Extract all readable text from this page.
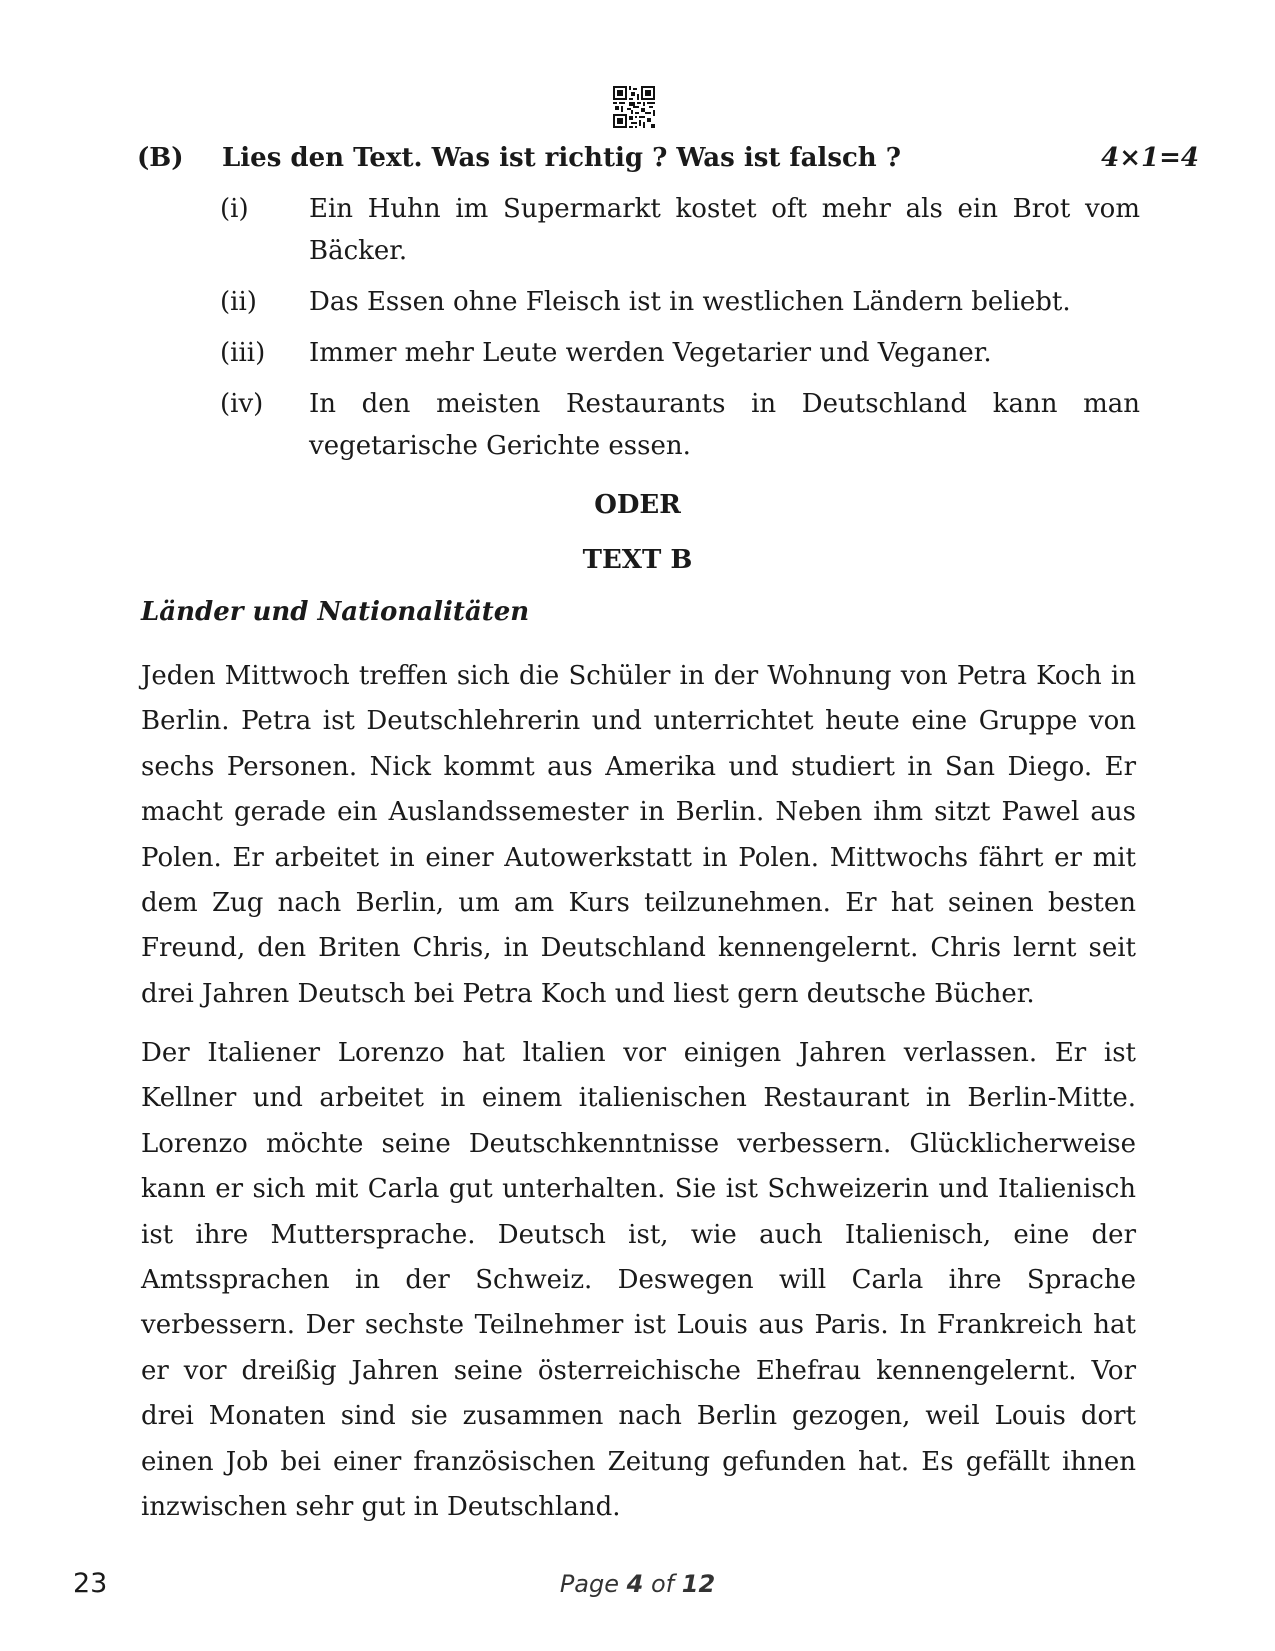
(B) Lies den Text. Was ist richtig ? Was ist falsch ?	4×1=4
(i)	Ein Huhn im Supermarkt kostet oft mehr als ein Brot vom Bäcker.
(ii)	Das Essen ohne Fleisch ist in westlichen Ländern beliebt.
(iii)	Immer mehr Leute werden Vegetarier und Veganer.
(iv)	In den meisten Restaurants in Deutschland kann man vegetarische Gerichte essen.
ODER
TEXT B
Länder und Nationalitäten

Jeden Mittwoch treffen sich die Schüler in der Wohnung von Petra Koch in Berlin. Petra ist Deutschlehrerin und unterrichtet heute eine Gruppe von sechs Personen. Nick kommt aus Amerika und studiert in San Diego. Er macht gerade ein Auslandssemester in Berlin. Neben ihm sitzt Pawel aus Polen. Er arbeitet in einer Autowerkstatt in Polen. Mittwochs fährt er mit dem Zug nach Berlin, um am Kurs teilzunehmen. Er hat seinen besten Freund, den Briten Chris, in Deutschland kennengelernt. Chris lernt seit drei Jahren Deutsch bei Petra Koch und liest gern deutsche Bücher.

Der Italiener Lorenzo hat ltalien vor einigen Jahren verlassen. Er ist Kellner und arbeitet in einem italienischen Restaurant in Berlin-Mitte. Lorenzo möchte seine Deutschkenntnisse verbessern. Glücklicherweise kann er sich mit Carla gut unterhalten. Sie ist Schweizerin und Italienisch ist ihre Muttersprache. Deutsch ist, wie auch Italienisch, eine der Amtssprachen in der Schweiz. Deswegen will Carla ihre Sprache verbessern. Der sechste Teilnehmer ist Louis aus Paris. In Frankreich hat er vor dreißig Jahren seine österreichische Ehefrau kennengelernt. Vor drei Monaten sind sie zusammen nach Berlin gezogen, weil Louis dort einen Job bei einer französischen Zeitung gefunden hat. Es gefällt ihnen inzwischen sehr gut in Deutschland.

23	Page 4 of 12
